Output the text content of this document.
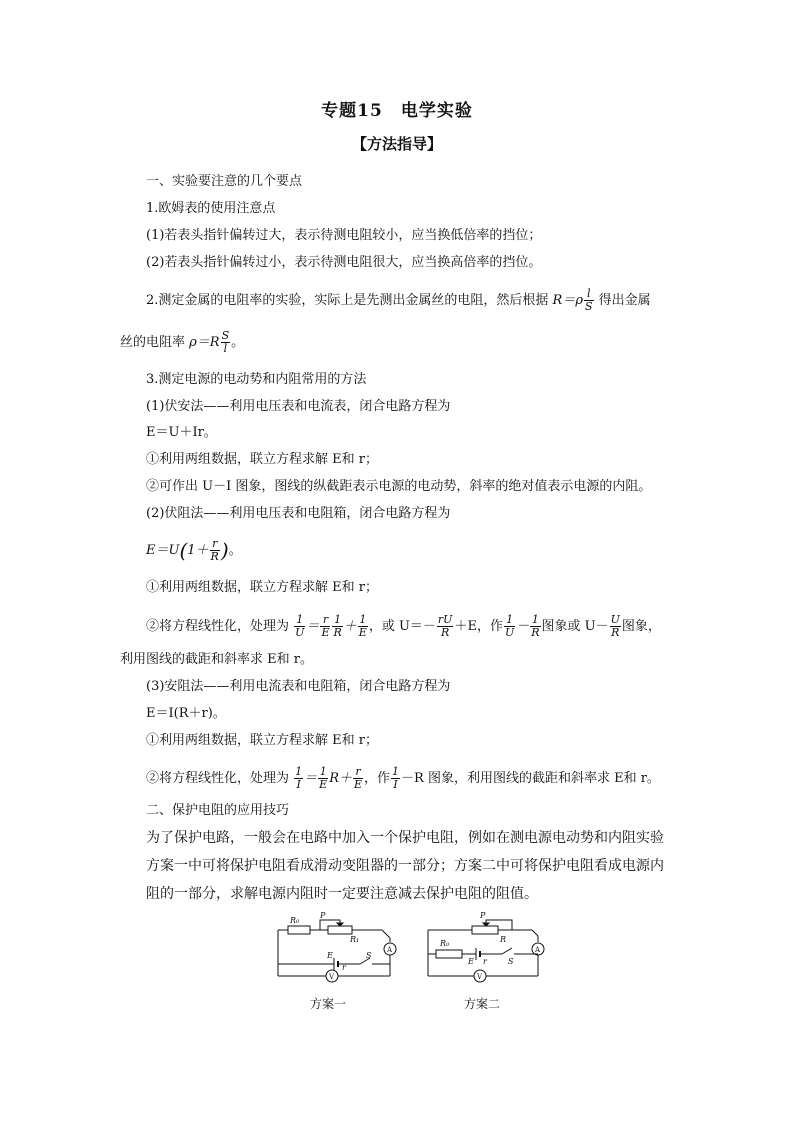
专题15　电学实验
【方法指导】
一、实验要注意的几个要点
1.欧姆表的使用注意点
(1)若表头指针偏转过大，表示待测电阻较小，应当换低倍率的挡位；
(2)若表头指针偏转过小，表示待测电阻很大，应当换高倍率的挡位。
2.测定金属的电阻率的实验，实际上是先测出金属丝的电阻，然后根据 $R=\rho \frac{l}{S}$ 得出金属
丝的电阻率 $\rho=R \frac{S}{l}$ 。
3.测定电源的电动势和内阻常用的方法
(1)伏安法——利用电压表和电流表，闭合电路方程为
E＝U＋Ir。
①利用两组数据，联立方程求解 E和 r；
②可作出 U－I 图象，图线的纵截距表示电源的电动势，斜率的绝对值表示电源的内阻。
(2)伏阻法——利用电压表和电阻箱，闭合电路方程为
$E=U(1+ \frac{r}{R}$ )。
①利用两组数据，联立方程求解 E和 r；
②将方程线性化，处理为 $\frac{1}{U} = \frac{r}{E} \frac{1}{R} + \frac{1}{E}$ ，或 $U=- \frac{rU}{R} +E$，作 $\frac{1}{U} - \frac{1}{R}$ 图象或 $U- \frac{U}{R}$ 图象，
利用图线的截距和斜率求 E和 r。
(3)安阻法——利用电流表和电阻箱，闭合电路方程为
E＝I(R＋r)。
①利用两组数据，联立方程求解 E和 r；
②将方程线性化，处理为 $\frac{1}{I} = \frac{1}{E} R+ \frac{r}{E}$ ，作 $\frac{1}{I} -R$ 图象，利用图线的截距和斜率求 E和 r。
二、保护电阻的应用技巧
为了保护电路，一般会在电路中加入一个保护电阻，例如在测电源电动势和内阻实验方案一中可将保护电阻看成滑动变阻器的一部分；方案二中可将保护电阻看成电源内阻的一部分，求解电源内阻时一定要注意减去保护电阻的阻值。
R₀
P
R₁
E
r
S
A
V
P
R
R₀
E r	S
A
V
方案一	方案二
